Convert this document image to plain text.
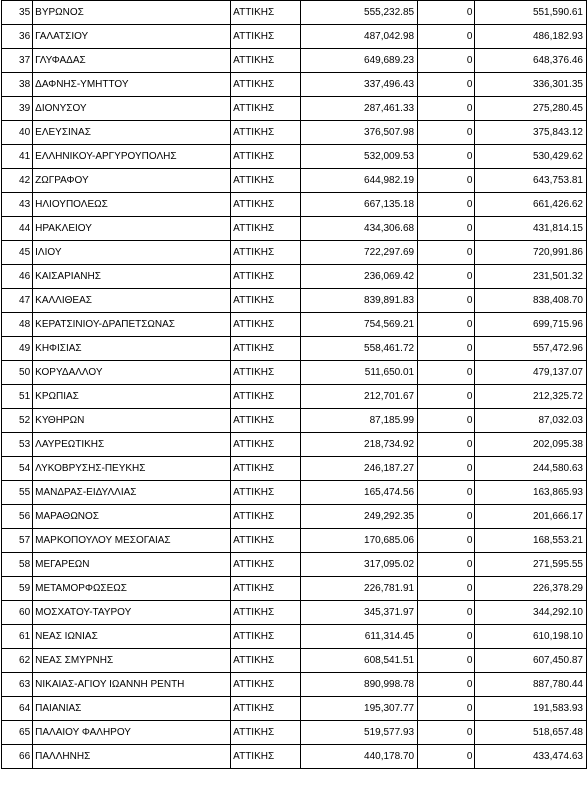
35	ΒΥΡΩΝΟΣ	ΑΤΤΙΚΗΣ	555,232.85	0	551,590.61
36	ΓΑΛΑΤΣΙΟΥ	ΑΤΤΙΚΗΣ	487,042.98	0	486,182.93
37	ΓΛΥΦΑΔΑΣ	ΑΤΤΙΚΗΣ	649,689.23	0	648,376.46
38	ΔΑΦΝΗΣ-ΥΜΗΤΤΟΥ	ΑΤΤΙΚΗΣ	337,496.43	0	336,301.35
39	ΔΙΟΝΥΣΟΥ	ΑΤΤΙΚΗΣ	287,461.33	0	275,280.45
40	ΕΛΕΥΣΙΝΑΣ	ΑΤΤΙΚΗΣ	376,507.98	0	375,843.12
41	ΕΛΛΗΝΙΚΟΥ-ΑΡΓΥΡΟΥΠΟΛΗΣ	ΑΤΤΙΚΗΣ	532,009.53	0	530,429.62
42	ΖΩΓΡΑΦΟΥ	ΑΤΤΙΚΗΣ	644,982.19	0	643,753.81
43	ΗΛΙΟΥΠΟΛΕΩΣ	ΑΤΤΙΚΗΣ	667,135.18	0	661,426.62
44	ΗΡΑΚΛΕΙΟΥ	ΑΤΤΙΚΗΣ	434,306.68	0	431,814.15
45	ΙΛΙΟΥ	ΑΤΤΙΚΗΣ	722,297.69	0	720,991.86
46	ΚΑΙΣΑΡΙΑΝΗΣ	ΑΤΤΙΚΗΣ	236,069.42	0	231,501.32
47	ΚΑΛΛΙΘΕΑΣ	ΑΤΤΙΚΗΣ	839,891.83	0	838,408.70
48	ΚΕΡΑΤΣΙΝΙΟΥ-ΔΡΑΠΕΤΣΩΝΑΣ	ΑΤΤΙΚΗΣ	754,569.21	0	699,715.96
49	ΚΗΦΙΣΙΑΣ	ΑΤΤΙΚΗΣ	558,461.72	0	557,472.96
50	ΚΟΡΥΔΑΛΛΟΥ	ΑΤΤΙΚΗΣ	511,650.01	0	479,137.07
51	ΚΡΩΠΙΑΣ	ΑΤΤΙΚΗΣ	212,701.67	0	212,325.72
52	ΚΥΘΗΡΩΝ	ΑΤΤΙΚΗΣ	87,185.99	0	87,032.03
53	ΛΑΥΡΕΩΤΙΚΗΣ	ΑΤΤΙΚΗΣ	218,734.92	0	202,095.38
54	ΛΥΚΟΒΡΥΣΗΣ-ΠΕΥΚΗΣ	ΑΤΤΙΚΗΣ	246,187.27	0	244,580.63
55	ΜΑΝΔΡΑΣ-ΕΙΔΥΛΛΙΑΣ	ΑΤΤΙΚΗΣ	165,474.56	0	163,865.93
56	ΜΑΡΑΘΩΝΟΣ	ΑΤΤΙΚΗΣ	249,292.35	0	201,666.17
57	ΜΑΡΚΟΠΟΥΛΟΥ ΜΕΣΟΓΑΙΑΣ	ΑΤΤΙΚΗΣ	170,685.06	0	168,553.21
58	ΜΕΓΑΡΕΩΝ	ΑΤΤΙΚΗΣ	317,095.02	0	271,595.55
59	ΜΕΤΑΜΟΡΦΩΣΕΩΣ	ΑΤΤΙΚΗΣ	226,781.91	0	226,378.29
60	ΜΟΣΧΑΤΟΥ-ΤΑΥΡΟΥ	ΑΤΤΙΚΗΣ	345,371.97	0	344,292.10
61	ΝΕΑΣ ΙΩΝΙΑΣ	ΑΤΤΙΚΗΣ	611,314.45	0	610,198.10
62	ΝΕΑΣ ΣΜΥΡΝΗΣ	ΑΤΤΙΚΗΣ	608,541.51	0	607,450.87
63	ΝΙΚΑΙΑΣ-ΑΓΙΟΥ ΙΩΑΝΝΗ ΡΕΝΤΗ	ΑΤΤΙΚΗΣ	890,998.78	0	887,780.44
64	ΠΑΙΑΝΙΑΣ	ΑΤΤΙΚΗΣ	195,307.77	0	191,583.93
65	ΠΑΛΑΙΟΥ ΦΑΛΗΡΟΥ	ΑΤΤΙΚΗΣ	519,577.93	0	518,657.48
66	ΠΑΛΛΗΝΗΣ	ΑΤΤΙΚΗΣ	440,178.70	0	433,474.63
